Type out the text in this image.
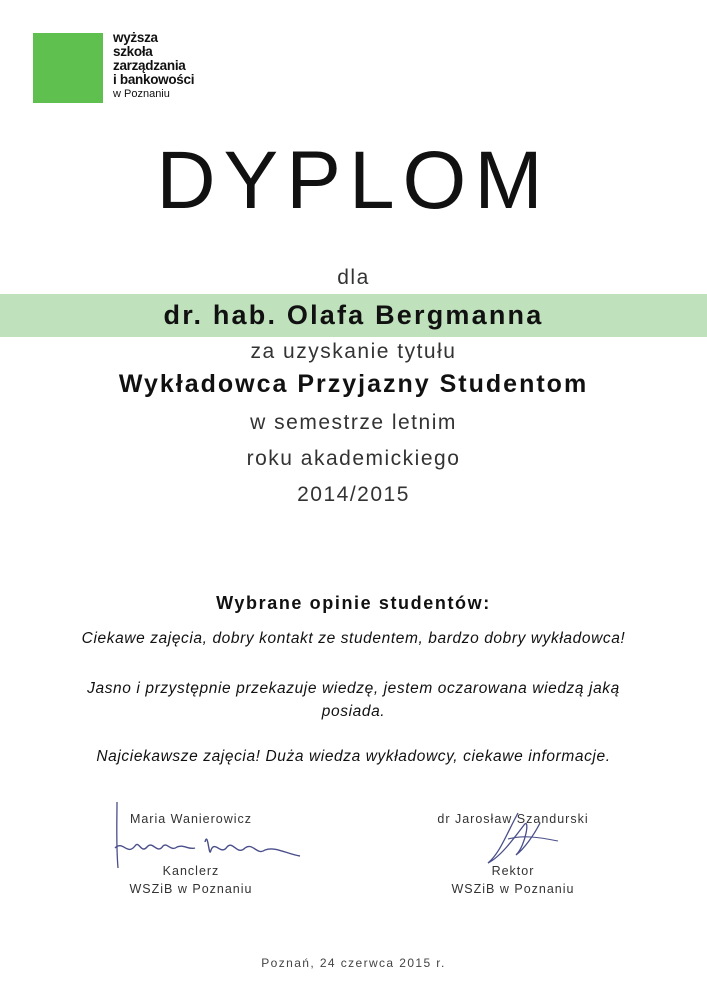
wyższa
szkoła
zarządzania
i bankowości
w Poznaniu
DYPLOM
dla
dr. hab. Olafa Bergmanna
za uzyskanie tytułu
Wykładowca Przyjazny Studentom
w semestrze letnim
roku akademickiego
2014/2015
Wybrane opinie studentów:
Ciekawe zajęcia, dobry kontakt ze studentem, bardzo dobry wykładowca!
Jasno i przystępnie przekazuje wiedzę, jestem oczarowana wiedzą jaką posiada.
Najciekawsze zajęcia! Duża wiedza wykładowcy, ciekawe informacje.
Maria Wanierowicz
Kanclerz
WSZiB w Poznaniu
dr Jarosław Szandurski
Rektor
WSZiB w Poznaniu
Poznań, 24 czerwca 2015 r.
